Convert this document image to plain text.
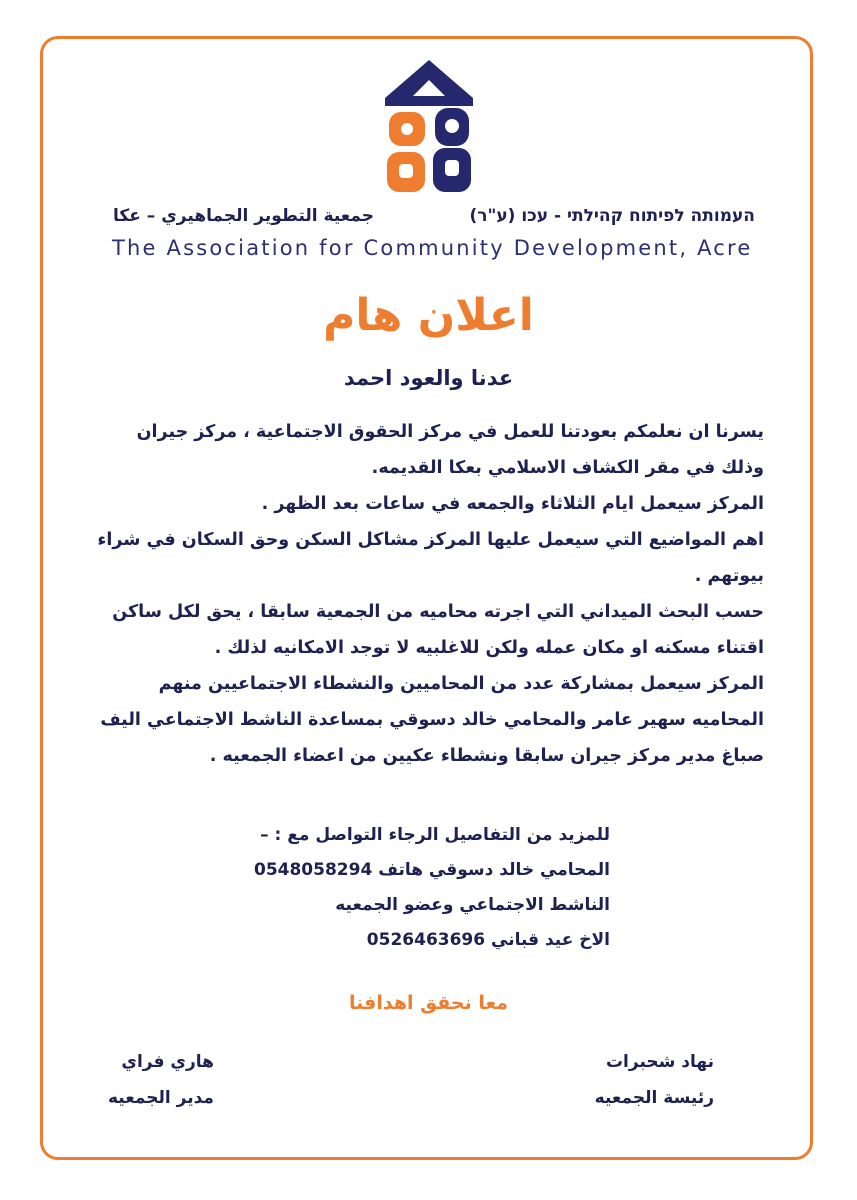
جمعية التطوير الجماهيري – عكا	העמותה לפיתוח קהילתי - עכו (ע"ר)
The Association for Community Development, Acre
اعلان هام
عدنا والعود احمد

يسرنا ان نعلمكم بعودتنا للعمل في مركز الحقوق الاجتماعية ، مركز جيران وذلك في مقر الكشاف الاسلامي بعكا القديمه.

المركز سيعمل ايام الثلاثاء والجمعه في ساعات بعد الظهر .

اهم المواضيع التي سيعمل عليها المركز مشاكل السكن وحق السكان في شراء بيوتهم .

حسب البحث الميداني التي اجرته محاميه من الجمعية سابقا ، يحق لكل ساكن اقتناء مسكنه او مكان عمله ولكن للاغلبيه لا توجد الامكانيه لذلك .

المركز سيعمل بمشاركة عدد من المحاميين والنشطاء الاجتماعيين منهم المحاميه سهير عامر والمحامي خالد دسوقي بمساعدة الناشط الاجتماعي اليف صباغ مدير مركز جيران سابقا ونشطاء عكيين من اعضاء الجمعيه .

للمزيد من التفاصيل الرجاء التواصل مع : –

المحامي خالد دسوقي هاتف 0548058294

الناشط الاجتماعي وعضو الجمعيه

الاخ عيد قباني 0526463696

معا نحقق اهدافنا

نهاد شحبرات

رئيسة الجمعيه

هاري فراي

مدير الجمعيه
